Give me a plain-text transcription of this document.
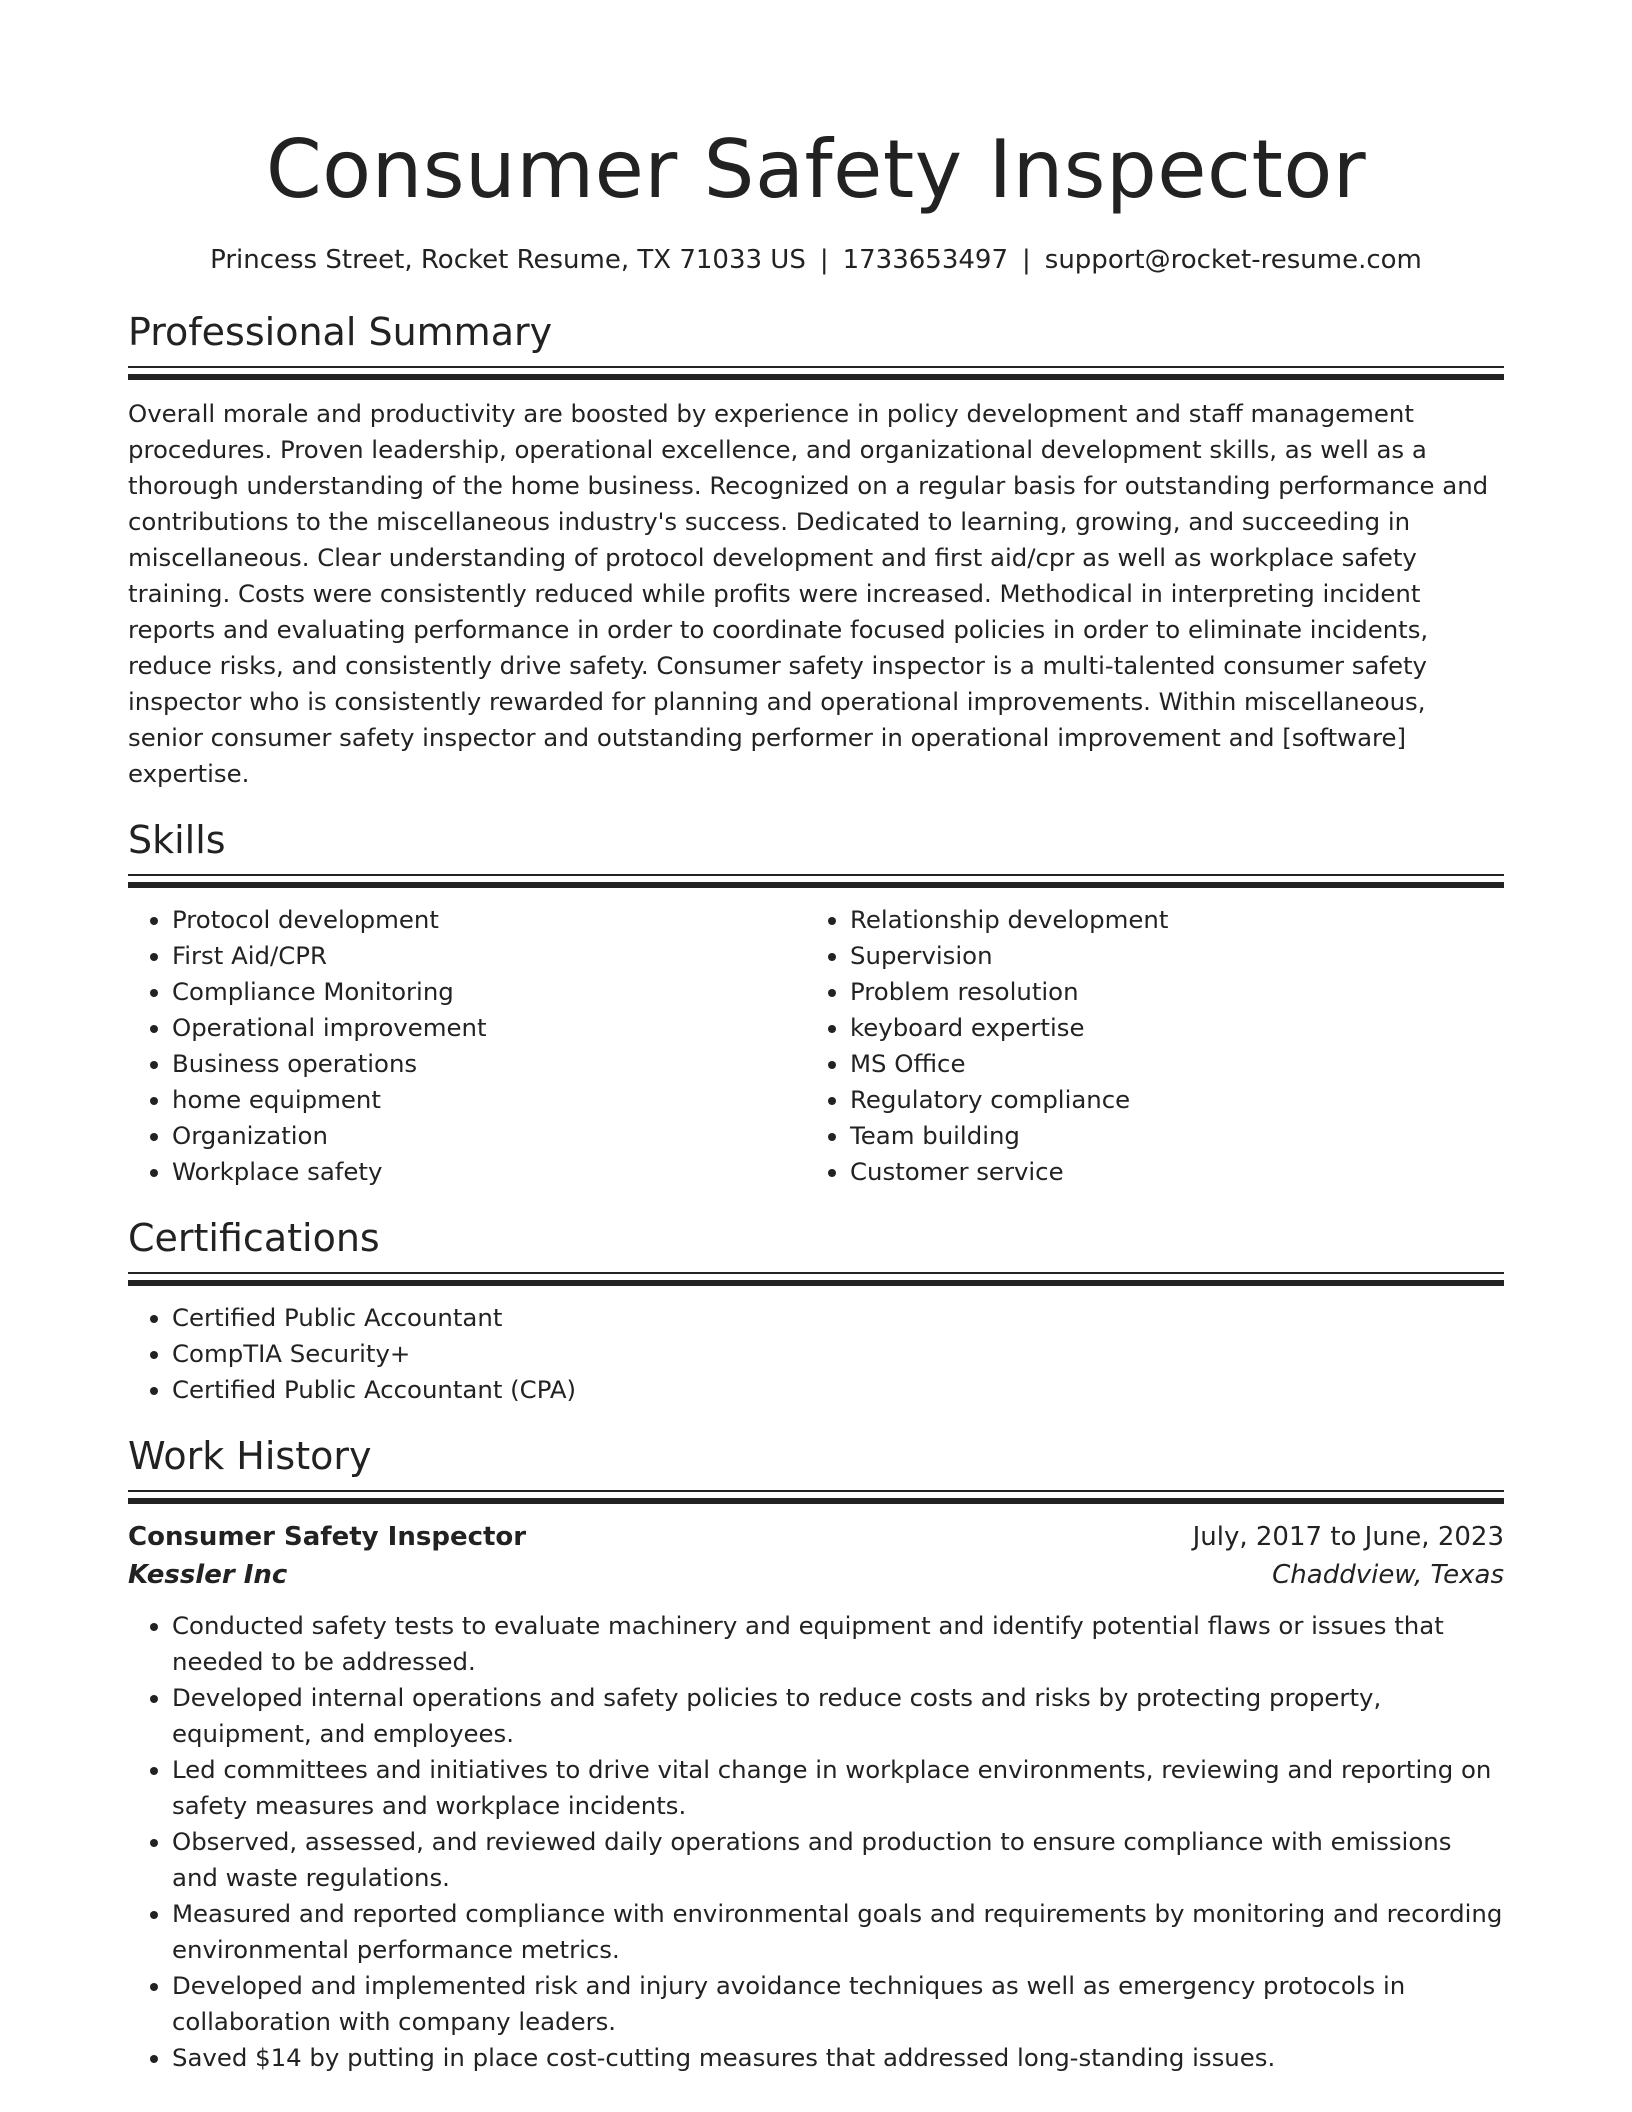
Consumer Safety Inspector
Princess Street, Rocket Resume, TX 71033 US | 1733653497 | support@rocket-resume.com
Professional Summary

Overall morale and productivity are boosted by experience in policy development and staff management procedures. Proven leadership, operational excellence, and organizational development skills, as well as a thorough understanding of the home business. Recognized on a regular basis for outstanding performance and contributions to the miscellaneous industry's success. Dedicated to learning, growing, and succeeding in miscellaneous. Clear understanding of protocol development and first aid/cpr as well as workplace safety training. Costs were consistently reduced while profits were increased. Methodical in interpreting incident reports and evaluating performance in order to coordinate focused policies in order to eliminate incidents, reduce risks, and consistently drive safety. Consumer safety inspector is a multi-talented consumer safety inspector who is consistently rewarded for planning and operational improvements. Within miscellaneous, senior consumer safety inspector and outstanding performer in operational improvement and [software] expertise.

Skills
• Protocol development
• First Aid/CPR
• Compliance Monitoring
• Operational improvement
• Business operations
• home equipment
• Organization
• Workplace safety
• Relationship development
• Supervision
• Problem resolution
• keyboard expertise
• MS Office
• Regulatory compliance
• Team building
• Customer service
Certifications
• Certified Public Accountant
• CompTIA Security+
• Certified Public Accountant (CPA)
Work History
Consumer Safety Inspector	July, 2017 to June, 2023
Kessler Inc	Chaddview, Texas
• Conducted safety tests to evaluate machinery and equipment and identify potential flaws or issues that needed to be addressed.
• Developed internal operations and safety policies to reduce costs and risks by protecting property, equipment, and employees.
• Led committees and initiatives to drive vital change in workplace environments, reviewing and reporting on safety measures and workplace incidents.
• Observed, assessed, and reviewed daily operations and production to ensure compliance with emissions and waste regulations.
• Measured and reported compliance with environmental goals and requirements by monitoring and recording environmental performance metrics.
• Developed and implemented risk and injury avoidance techniques as well as emergency protocols in collaboration with company leaders.
• Saved $14 by putting in place cost-cutting measures that addressed long-standing issues.
